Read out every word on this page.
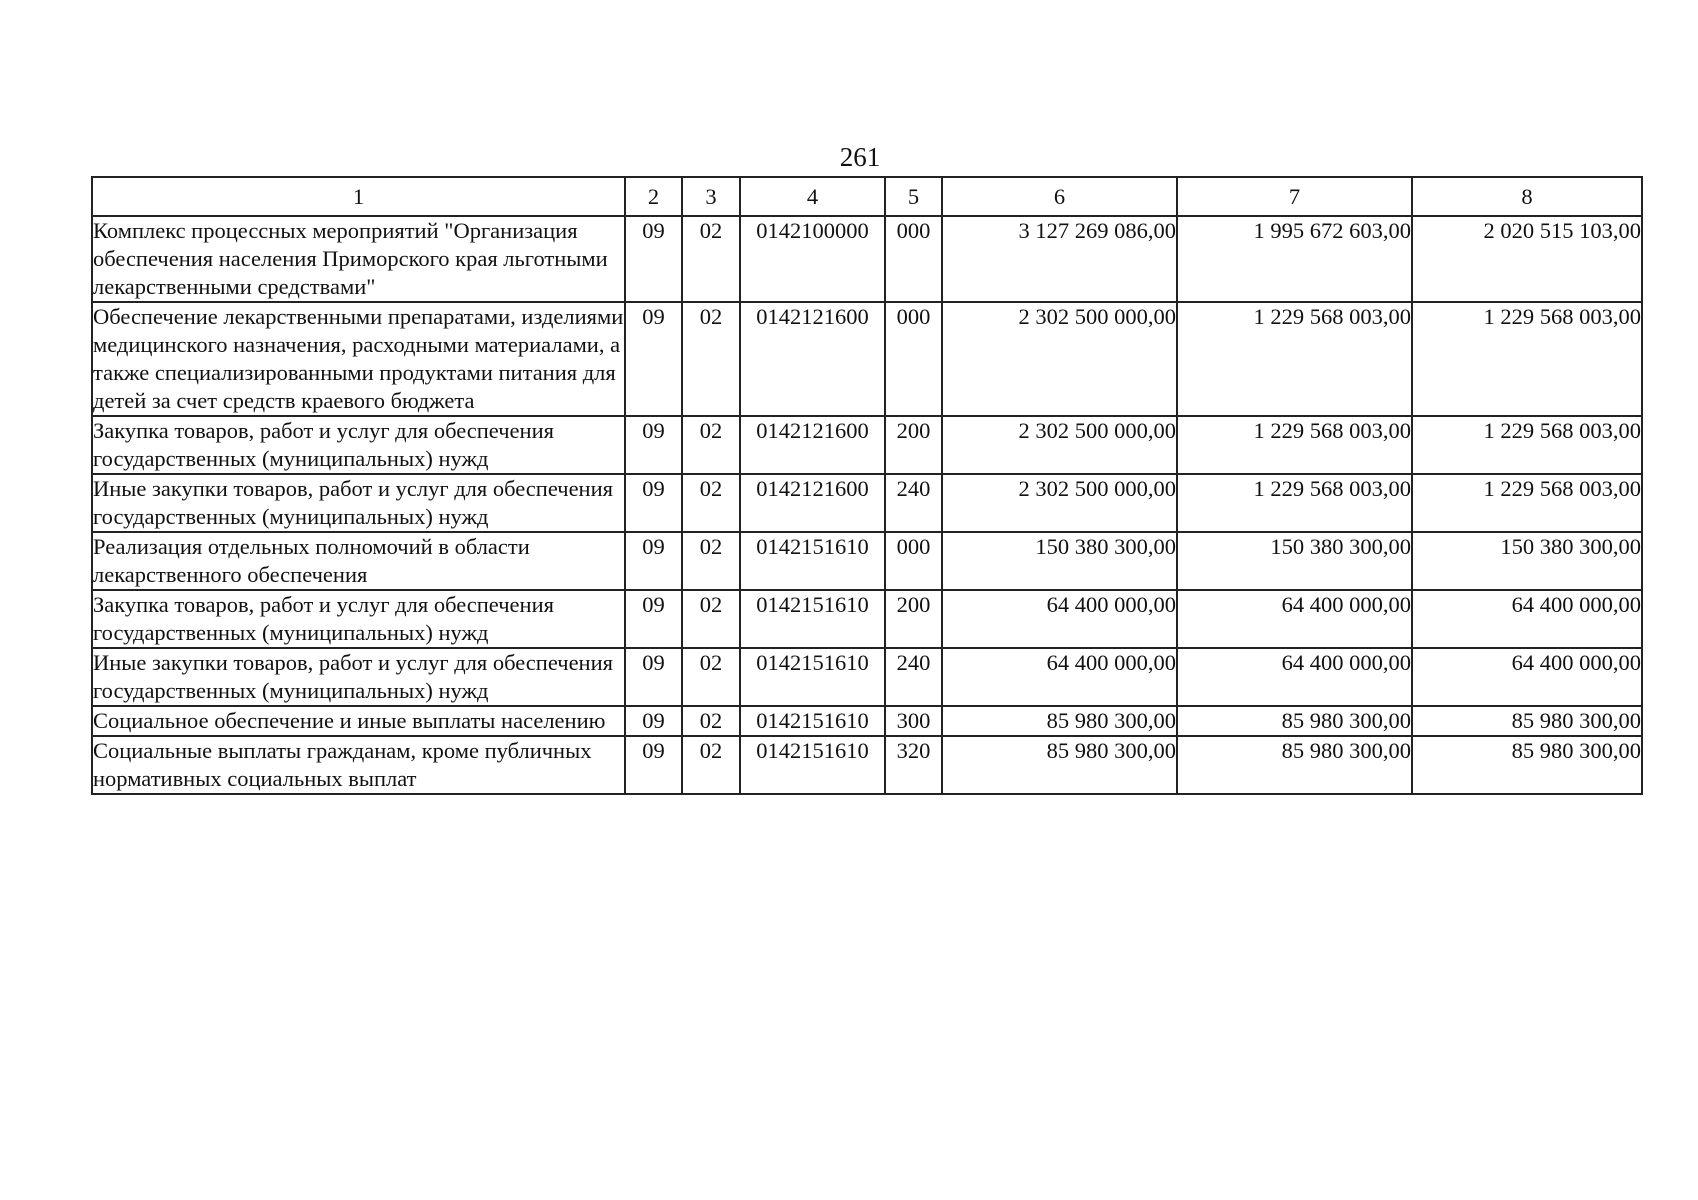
261
1	2	3	4	5	6	7	8
Комплекс процессных мероприятий "Организация обеспечения населения Приморского края льготными лекарственными средствами"	09	02	0142100000	000	3 127 269 086,00	1 995 672 603,00	2 020 515 103,00
Обеспечение лекарственными препаратами, изделиями медицинского назначения, расходными материалами, а также специализированными продуктами питания для детей за счет средств краевого бюджета	09	02	0142121600	000	2 302 500 000,00	1 229 568 003,00	1 229 568 003,00
Закупка товаров, работ и услуг для обеспечения государственных (муниципальных) нужд	09	02	0142121600	200	2 302 500 000,00	1 229 568 003,00	1 229 568 003,00
Иные закупки товаров, работ и услуг для обеспечения государственных (муниципальных) нужд	09	02	0142121600	240	2 302 500 000,00	1 229 568 003,00	1 229 568 003,00
Реализация отдельных полномочий в области лекарственного обеспечения	09	02	0142151610	000	150 380 300,00	150 380 300,00	150 380 300,00
Закупка товаров, работ и услуг для обеспечения государственных (муниципальных) нужд	09	02	0142151610	200	64 400 000,00	64 400 000,00	64 400 000,00
Иные закупки товаров, работ и услуг для обеспечения государственных (муниципальных) нужд	09	02	0142151610	240	64 400 000,00	64 400 000,00	64 400 000,00
Социальное обеспечение и иные выплаты населению	09	02	0142151610	300	85 980 300,00	85 980 300,00	85 980 300,00
Социальные выплаты гражданам, кроме публичных нормативных социальных выплат	09	02	0142151610	320	85 980 300,00	85 980 300,00	85 980 300,00
